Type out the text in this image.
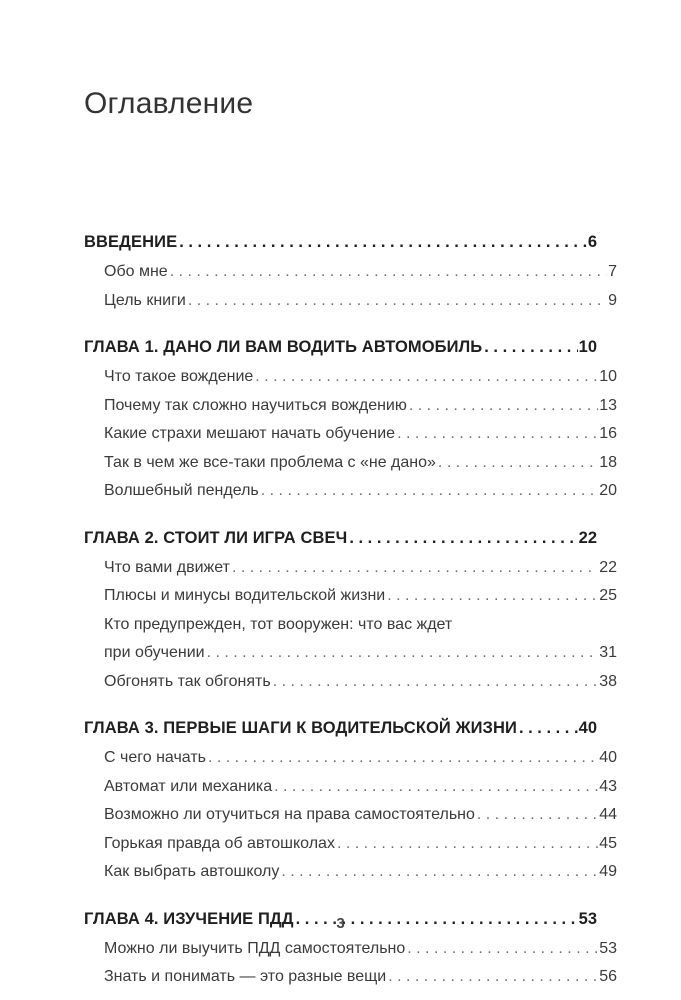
Оглавление
ВВЕДЕНИЕ . . .	6
Обо мне . . .	7
Цель книги . . .	9
ГЛАВА 1. ДАНО ЛИ ВАМ ВОДИТЬ АВТОМОБИЛЬ . . .	10
Что такое вождение . . .	10
Почему так сложно научиться вождению . . .	13
Какие страхи мешают начать обучение . . .	16
Так в чем же все-таки проблема с «не дано» . . .	18
Волшебный пендель . . .	20
ГЛАВА 2. СТОИТ ЛИ ИГРА СВЕЧ . . .	22
Что вами движет . . .	22
Плюсы и минусы водительской жизни . . .	25
Кто предупрежден, тот вооружен: что вас ждет
при обучении . . .	31
Обгонять так обгонять . . .	38
ГЛАВА 3. ПЕРВЫЕ ШАГИ К ВОДИТЕЛЬСКОЙ ЖИЗНИ . . .	40
С чего начать . . .	40
Автомат или механика . . .	43
Возможно ли отучиться на права самостоятельно . . .	44
Горькая правда об автошколах . . .	45
Как выбрать автошколу . . .	49
ГЛАВА 4. ИЗУЧЕНИЕ ПДД . . .	53
Можно ли выучить ПДД самостоятельно . . .	53
Знать и понимать — это разные вещи . . .	56
3
